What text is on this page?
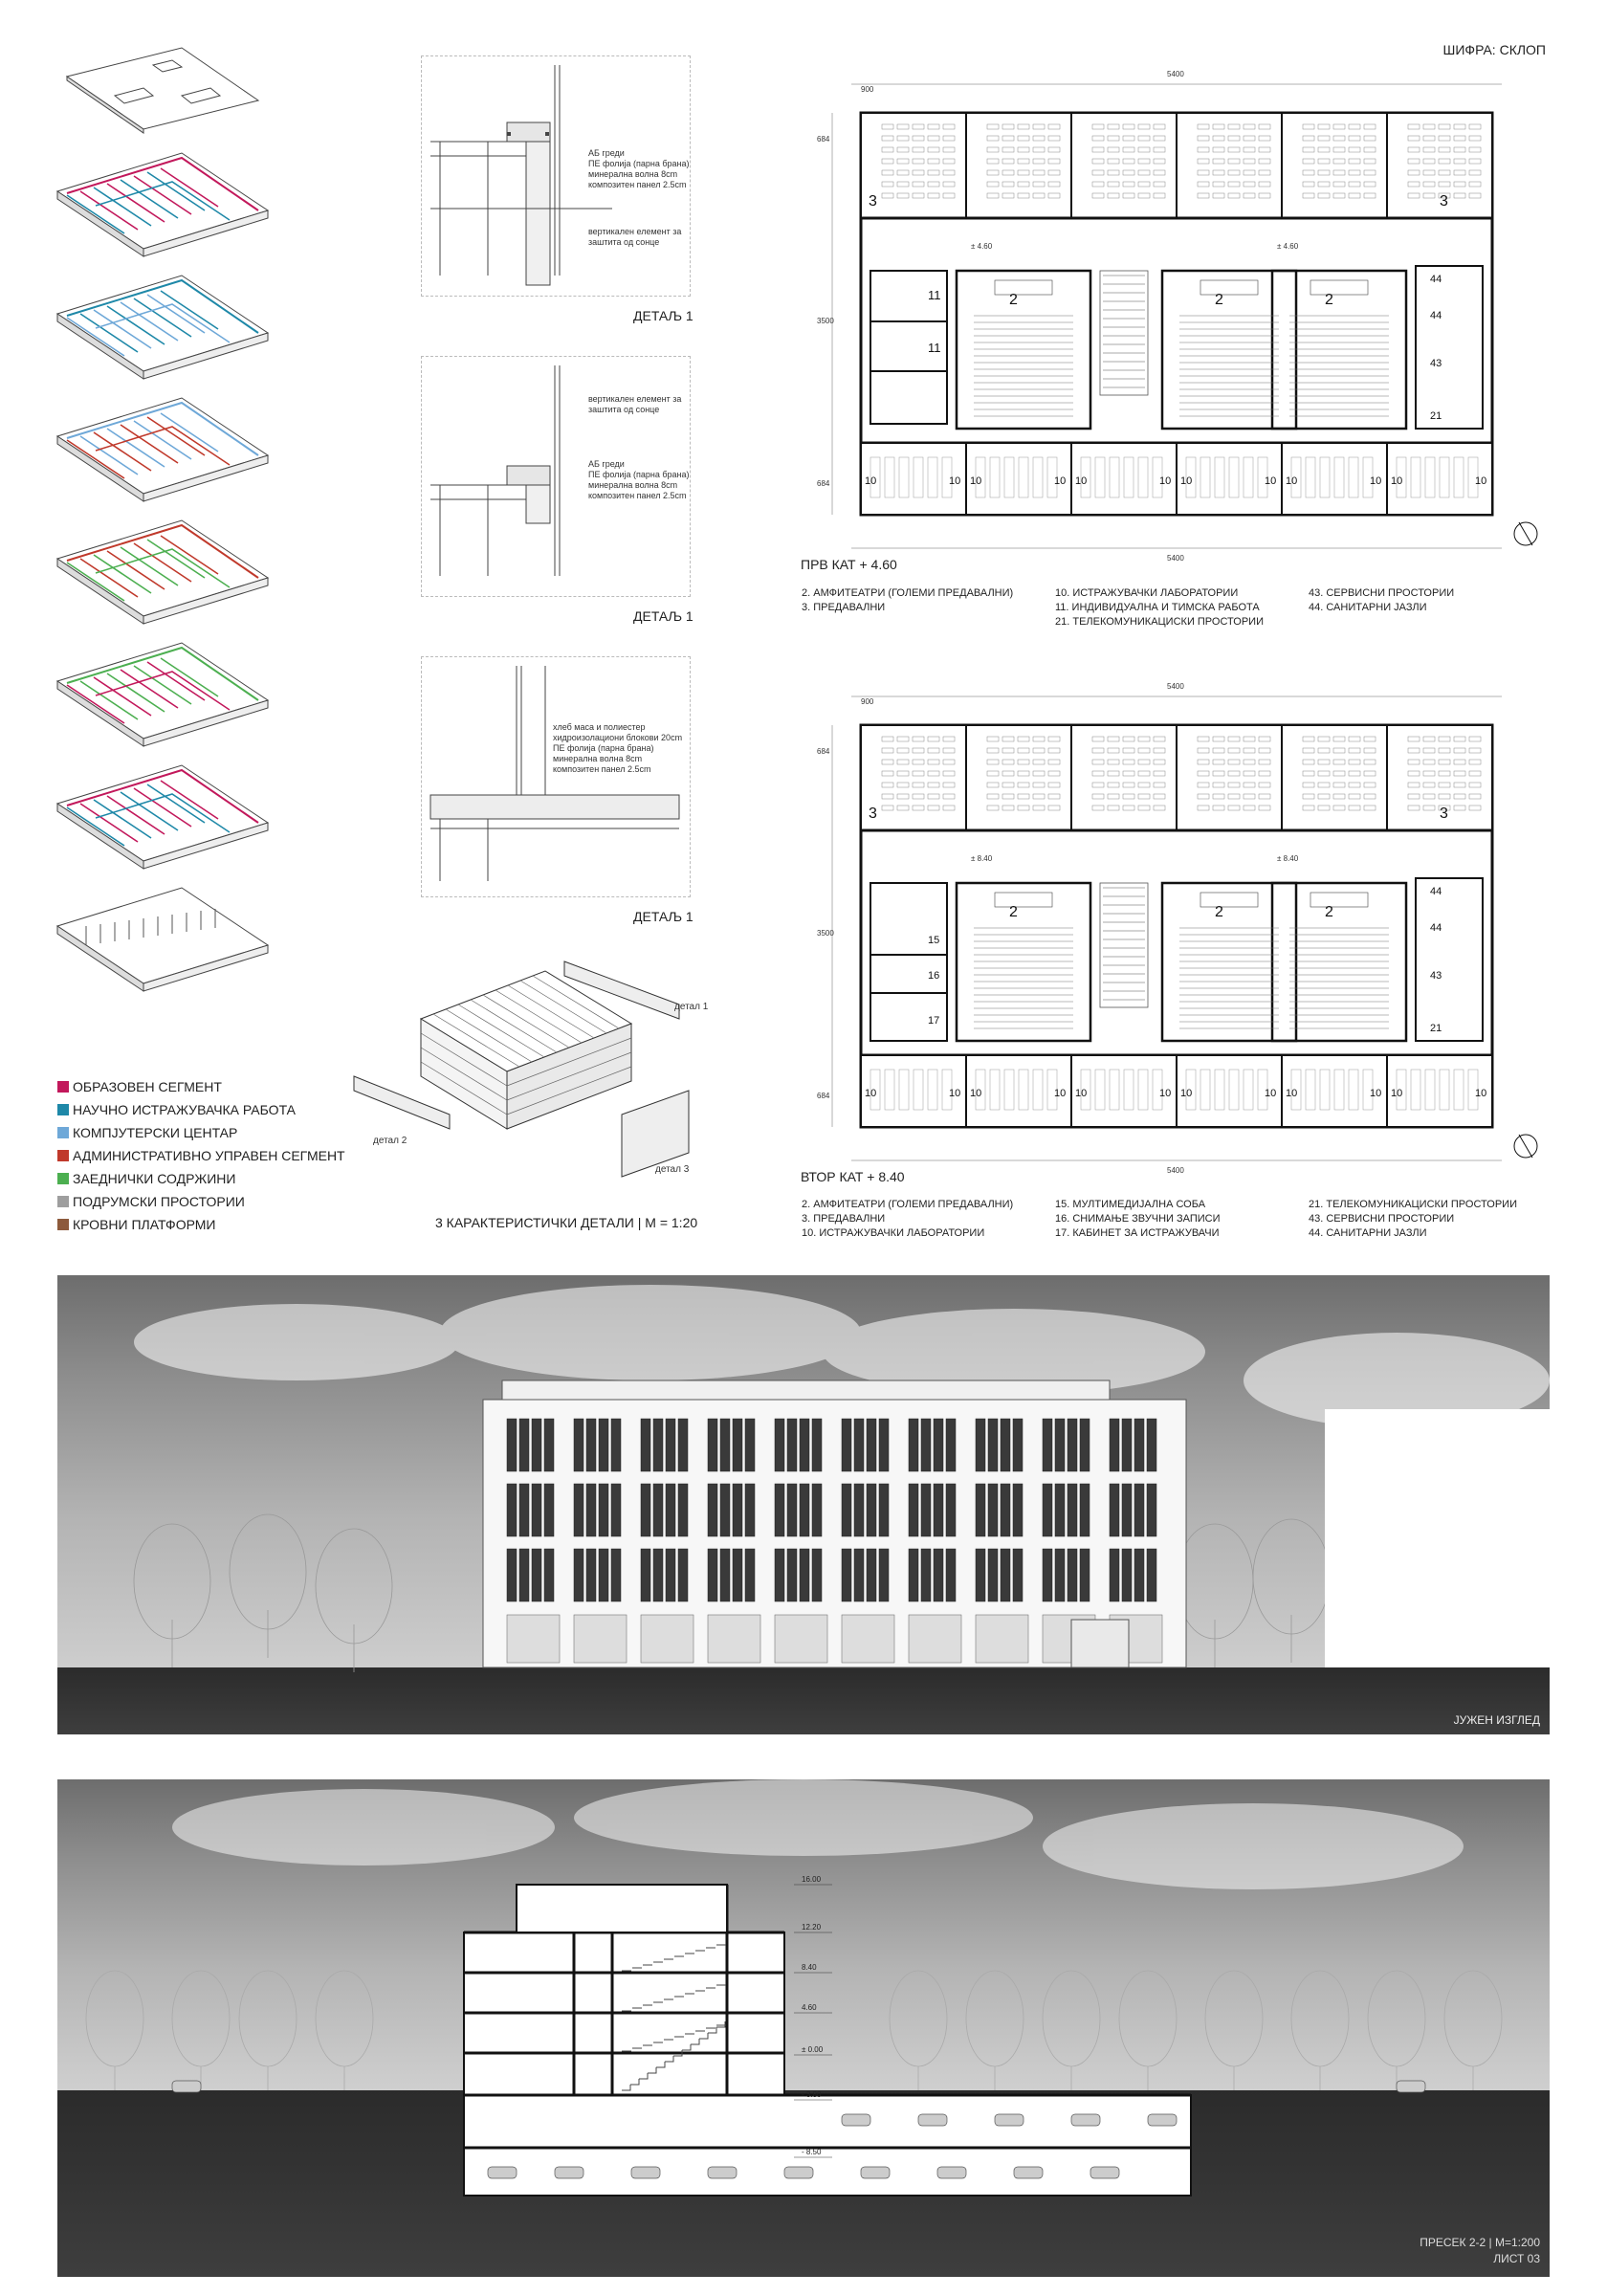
ШИФРА: СКЛОП
ОБРАЗОВЕН СЕГМЕНТ
НАУЧНО ИСТРАЖУВАЧКА РАБОТА
КОМПЈУТЕРСКИ ЦЕНТАР
АДМИНИСТРАТИВНО УПРАВЕН СЕГМЕНТ
ЗАЕДНИЧКИ СОДРЖИНИ
ПОДРУМСКИ ПРОСТОРИИ
КРОВНИ ПЛАТФОРМИ
АБ греди
ПЕ фолија (парна брана)
минерална волна 8cm
композитен панел 2.5cm
вертикален елемент за заштита од сонце
ДЕТАЉ 1
вертикален елемент за заштита од сонце
АБ греди
ПЕ фолија (парна брана)
минерална волна 8cm
композитен панел 2.5cm
ДЕТАЉ 1
хлеб маса и полиестер
хидроизолациони блокови 20cm
ПЕ фолија (парна брана)
минерална волна 8cm
композитен панел 2.5cm
ДЕТАЉ 1
детал 1
детал 2
детал 3
3 КАРАКТЕРИСТИЧКИ ДЕТАЛИ | M = 1:20
5400
5400
900
684
3500
684
± 4.60	± 4.60
3	3
11
11
2	2	2
44
44
43
21
10	10 10	10 10	10 10	10 10	10 10	10
ПРВ КАТ + 4.60
2. АМФИТЕАТРИ (ГОЛЕМИ ПРЕДАВАЛНИ)
3. ПРЕДАВАЛНИ
10. ИСТРАЖУВАЧКИ ЛАБОРАТОРИИ
11. ИНДИВИДУАЛНА И ТИМСКА РАБОТА
21. ТЕЛЕКОМУНИКАЦИСКИ ПРОСТОРИИ
43. СЕРВИСНИ ПРОСТОРИИ
44. САНИТАРНИ ЈАЗЛИ
5400
5400
900
684
3500
684
± 8.40	± 8.40
3	3
15
16
17
2	2	2
44
44
43
21
10	10 10	10 10	10 10	10 10	10 10	10
ВТОР КАТ + 8.40
2. АМФИТЕАТРИ (ГОЛЕМИ ПРЕДАВАЛНИ)
3. ПРЕДАВАЛНИ
10. ИСТРАЖУВАЧКИ ЛАБОРАТОРИИ
15. МУЛТИМЕДИЈАЛНА СОБА
16. СНИМАЊЕ ЗВУЧНИ ЗАПИСИ
17. КАБИНЕТ ЗА ИСТРАЖУВАЧИ
21. ТЕЛЕКОМУНИКАЦИСКИ ПРОСТОРИИ
43. СЕРВИСНИ ПРОСТОРИИ
44. САНИТАРНИ ЈАЗЛИ
ЈУЖЕН ИЗГЛЕД
16.00
12.20
8.40
4.60
± 0.00
- 3.80
- 8.50
ПРЕСЕК 2-2 | M=1:200
ЛИСТ 03
